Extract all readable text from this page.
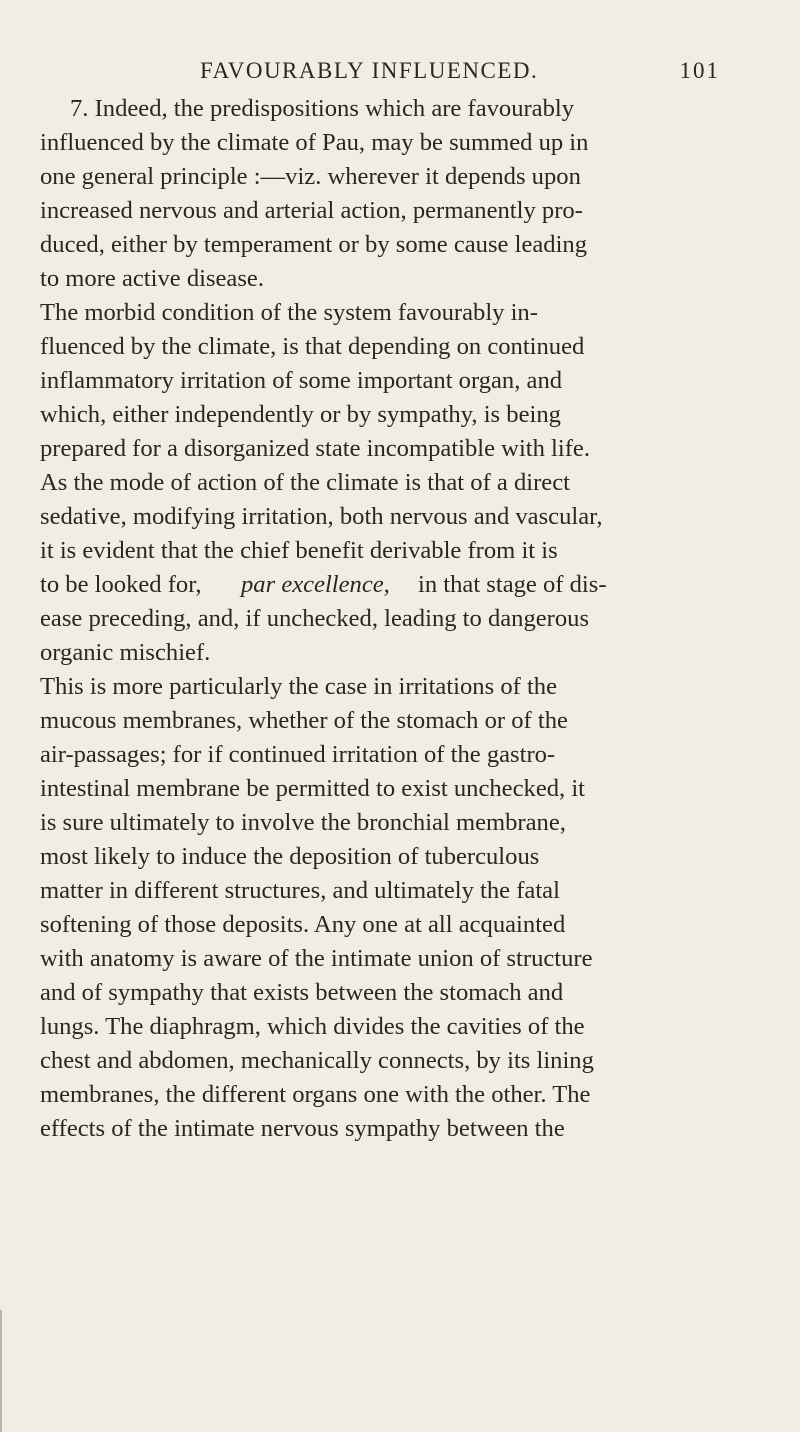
FAVOURABLY INFLUENCED.	101
7. Indeed, the predispositions which are favourably
influenced by the climate of Pau, may be summed up in
one general principle :—viz. wherever it depends upon
increased nervous and arterial action, permanently pro-
duced, either by temperament or by some cause leading
to more active disease.
The morbid condition of the system favourably in-
fluenced by the climate, is that depending on continued
inflammatory irritation of some important organ, and
which, either independently or by sympathy, is being
prepared for a disorganized state incompatible with life.
As the mode of action of the climate is that of a direct
sedative, modifying irritation, both nervous and vascular,
it is evident that the chief benefit derivable from it is
to be looked for, par excellence, in that stage of dis-
ease preceding, and, if unchecked, leading to dangerous
organic mischief.
This is more particularly the case in irritations of the
mucous membranes, whether of the stomach or of the
air-passages; for if continued irritation of the gastro-
intestinal membrane be permitted to exist unchecked, it
is sure ultimately to involve the bronchial membrane,
most likely to induce the deposition of tuberculous
matter in different structures, and ultimately the fatal
softening of those deposits. Any one at all acquainted
with anatomy is aware of the intimate union of structure
and of sympathy that exists between the stomach and
lungs. The diaphragm, which divides the cavities of the
chest and abdomen, mechanically connects, by its lining
membranes, the different organs one with the other. The
effects of the intimate nervous sympathy between the
